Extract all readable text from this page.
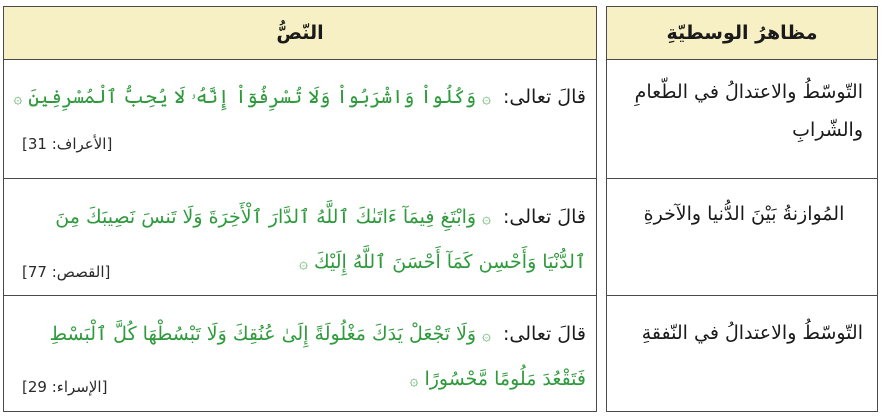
مظاهرُ الوسطيّةِ
التّوسّطُ والاعتدالُ في الطّعامِ والشّرابِ
المُوازنةُ بَيْنَ الدُّنيا والآخرةِ
التّوسّطُ والاعتدالُ في النّفقةِ
النّصُّ
قالَ تعالى: ۞ وَكُلُواْ وَاشْرَبُواْ وَلَا تُسْرِفُوٓاْ إِنَّهُۥ لَا يُحِبُّ ٱلْمُسْرِفِينَ ۞
[الأعراف: 31]
قالَ تعالى: ۞ وَابْتَغِ فِيمَآ ءَاتَىٰكَ ٱللَّهُ ٱلدَّارَ ٱلْأَخِرَةَ وَلَا تَنسَ نَصِيبَكَ مِنَ ٱلدُّنْيَا وَأَحْسِن كَمَآ أَحْسَنَ ٱللَّهُ إِلَيْكَ ۞
[القصص: 77]
قالَ تعالى: ۞ وَلَا تَجْعَلْ يَدَكَ مَغْلُولَةً إِلَىٰ عُنُقِكَ وَلَا تَبْسُطْهَا كُلَّ ٱلْبَسْطِ فَتَقْعُدَ مَلُومًا مَّحْسُورًا ۞
[الإسراء: 29]
